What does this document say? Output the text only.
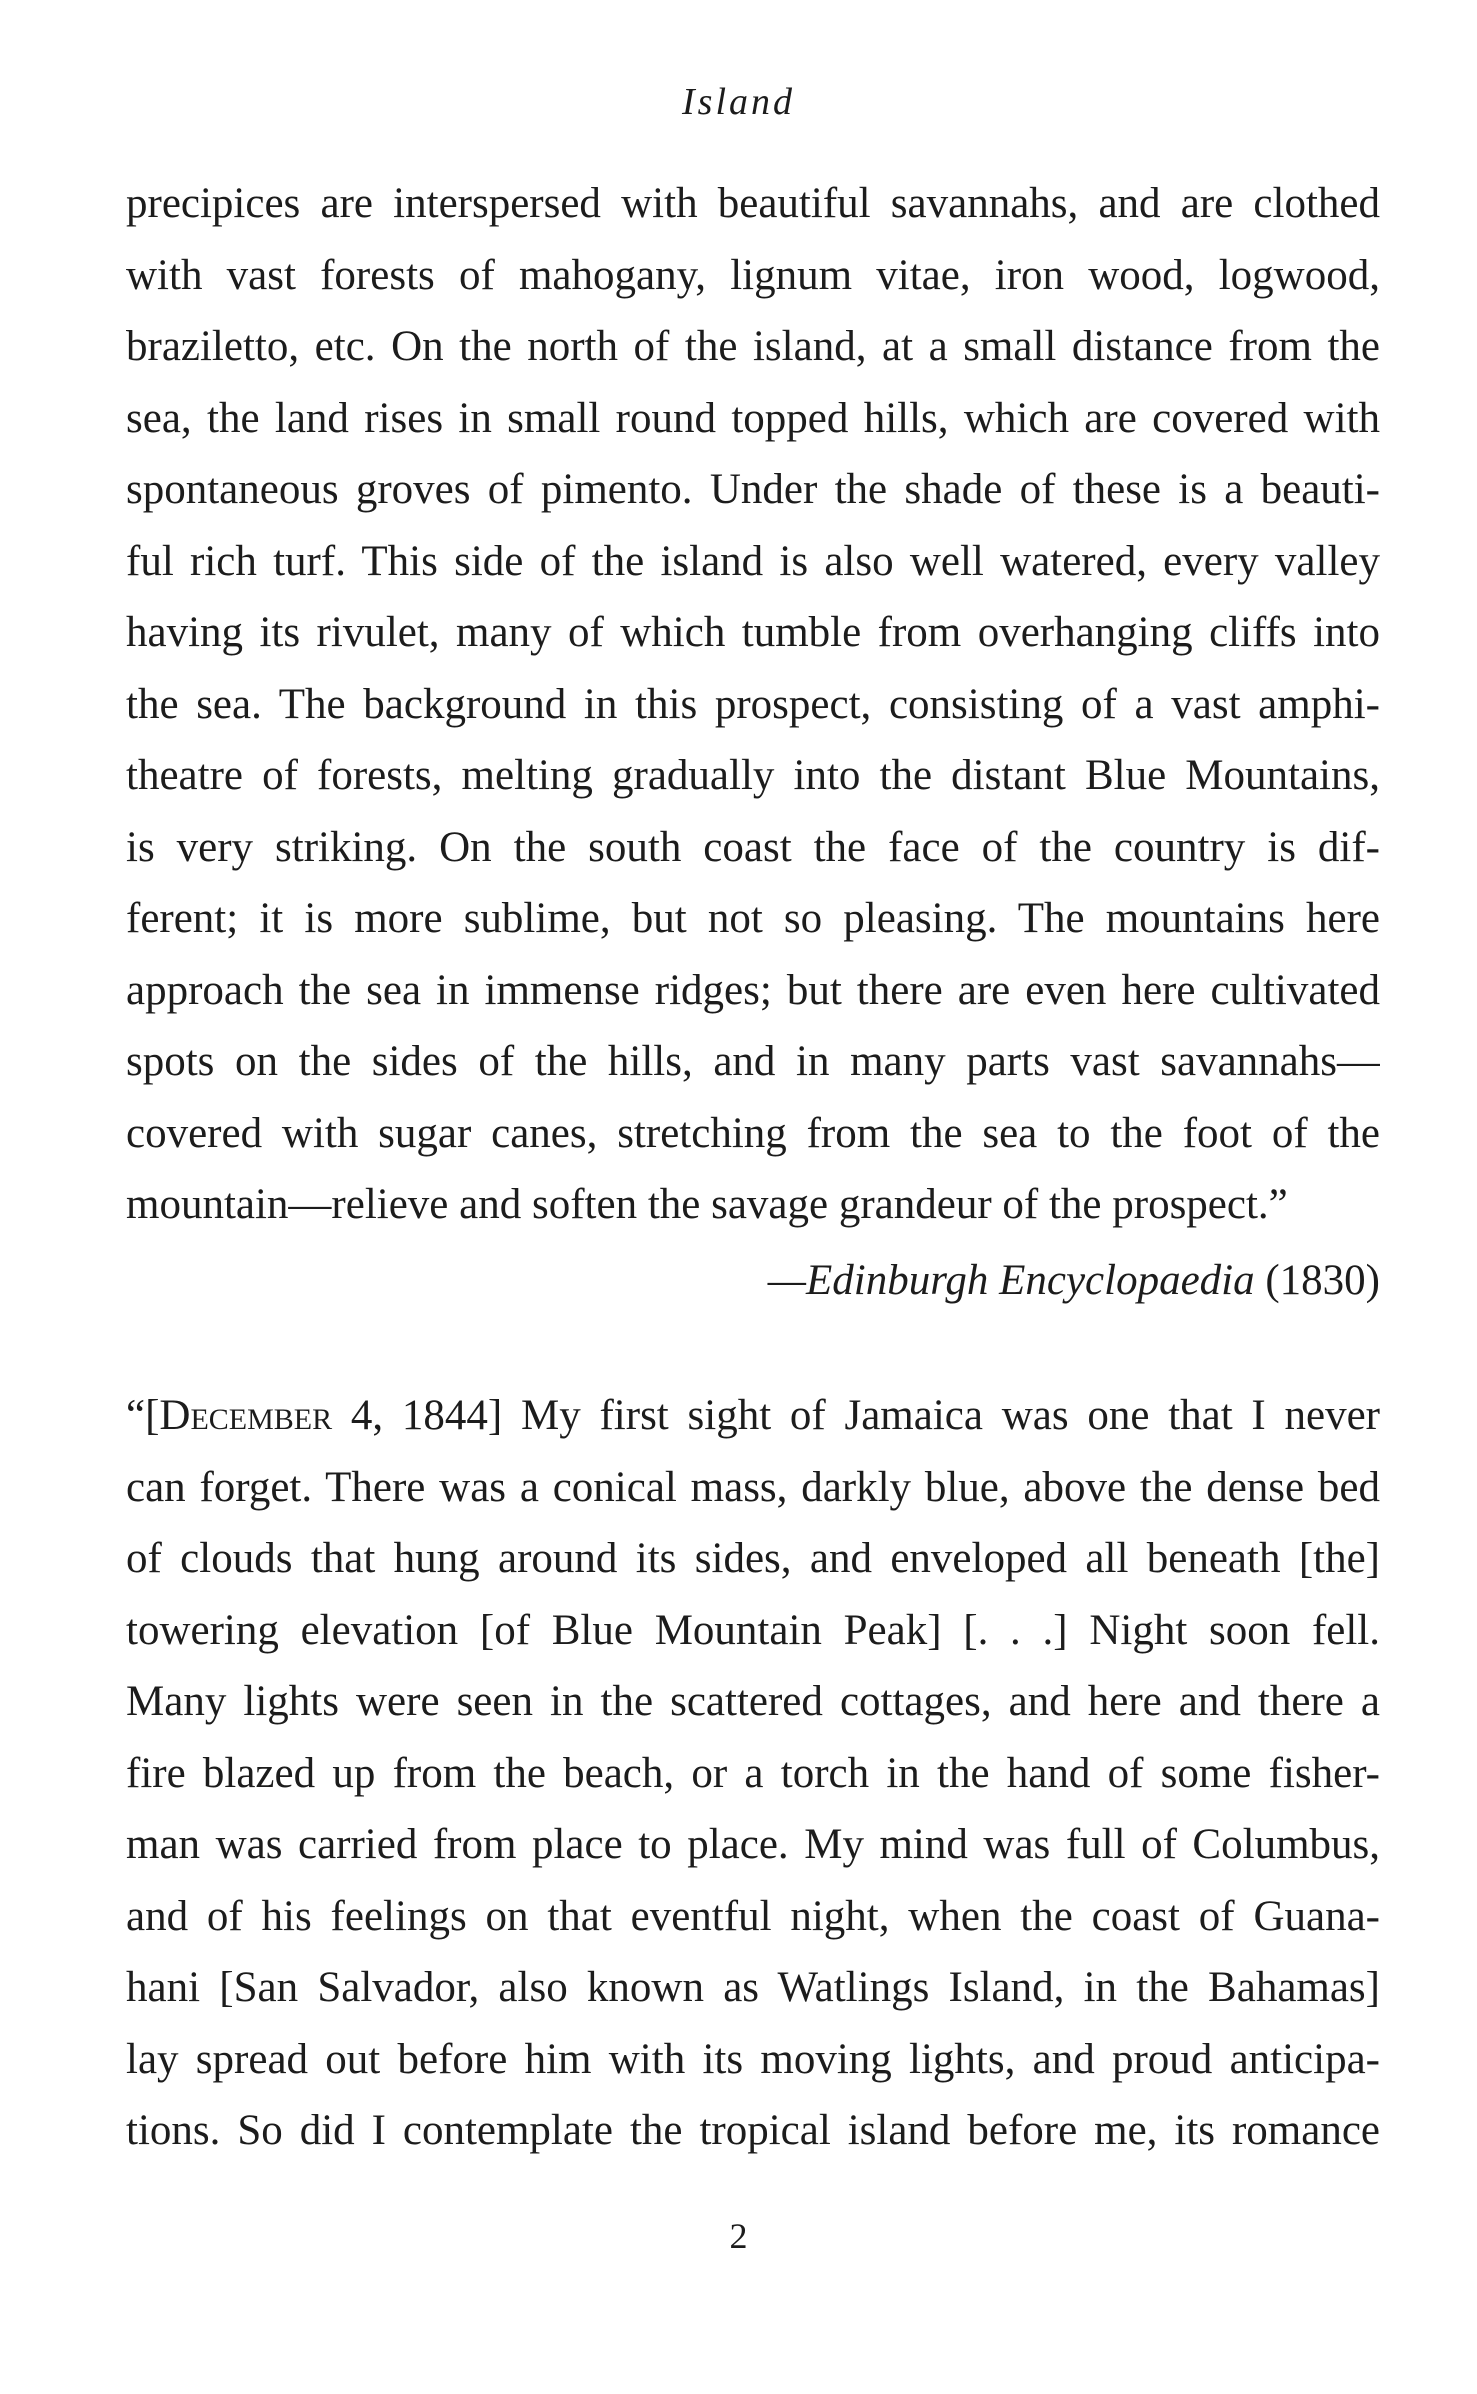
Island
precipices are interspersed with beautiful savannahs, and are clothed
with vast forests of mahogany, lignum vitae, iron wood, logwood,
braziletto, etc. On the north of the island, at a small distance from the
sea, the land rises in small round topped hills, which are covered with
spontaneous groves of pimento. Under the shade of these is a beauti-
ful rich turf. This side of the island is also well watered, every valley
having its rivulet, many of which tumble from overhanging cliffs into
the sea. The background in this prospect, consisting of a vast amphi-
theatre of forests, melting gradually into the distant Blue Mountains,
is very striking. On the south coast the face of the country is dif-
ferent; it is more sublime, but not so pleasing. The mountains here
approach the sea in immense ridges; but there are even here cultivated
spots on the sides of the hills, and in many parts vast savannahs—
covered with sugar canes, stretching from the sea to the foot of the
mountain—relieve and soften the savage grandeur of the prospect.”
—Edinburgh Encyclopaedia (1830)
“[December 4, 1844] My first sight of Jamaica was one that I never
can forget. There was a conical mass, darkly blue, above the dense bed
of clouds that hung around its sides, and enveloped all beneath [the]
towering elevation [of Blue Mountain Peak] [. . .] Night soon fell.
Many lights were seen in the scattered cottages, and here and there a
fire blazed up from the beach, or a torch in the hand of some fisher-
man was carried from place to place. My mind was full of Columbus,
and of his feelings on that eventful night, when the coast of Guana-
hani [San Salvador, also known as Watlings Island, in the Bahamas]
lay spread out before him with its moving lights, and proud anticipa-
tions. So did I contemplate the tropical island before me, its romance
2
